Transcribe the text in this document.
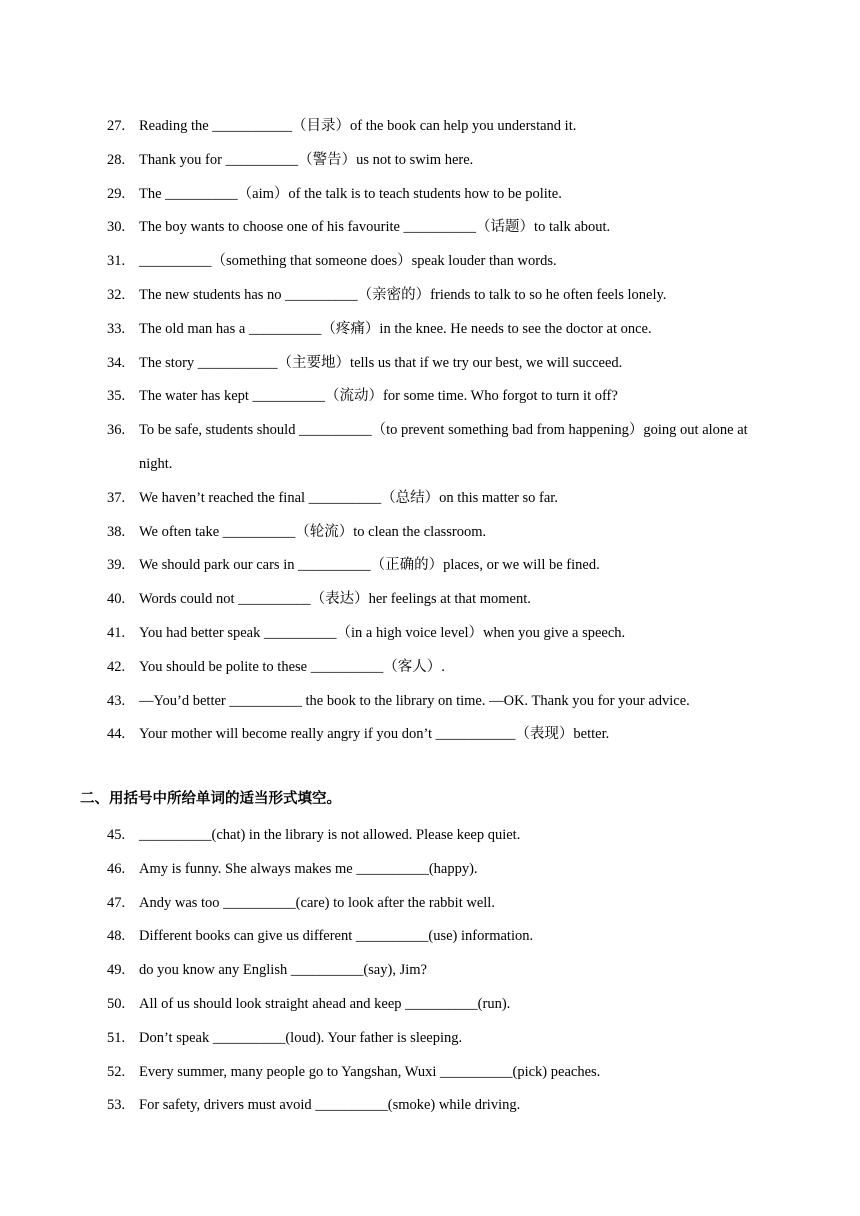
27. Reading the ___________（目录）of the book can help you understand it.
28. Thank you for __________（警告）us not to swim here.
29. The __________（aim）of the talk is to teach students how to be polite.
30. The boy wants to choose one of his favourite __________（话题）to talk about.
31. __________（something that someone does）speak louder than words.
32. The new students has no __________（亲密的）friends to talk to so he often feels lonely.
33. The old man has a __________（疼痛）in the knee. He needs to see the doctor at once.
34. The story ___________（主要地）tells us that if we try our best, we will succeed.
35. The water has kept __________（流动）for some time. Who forgot to turn it off?
36. To be safe, students should __________（to prevent something bad from happening）going out alone at night.
37. We haven’t reached the final __________（总结）on this matter so far.
38. We often take __________（轮流）to clean the classroom.
39. We should park our cars in __________（正确的）places, or we will be fined.
40. Words could not __________（表达）her feelings at that moment.
41. You had better speak __________（in a high voice level）when you give a speech.
42. You should be polite to these __________（客人）.
43. —You’d better __________ the book to the library on time. —OK. Thank you for your advice.
44. Your mother will become really angry if you don’t ___________（表现）better.
二、用括号中所给单词的适当形式填空。
45. __________(chat) in the library is not allowed. Please keep quiet.
46. Amy is funny. She always makes me __________(happy).
47. Andy was too __________(care) to look after the rabbit well.
48. Different books can give us different __________(use) information.
49. do you know any English __________(say), Jim?
50. All of us should look straight ahead and keep __________(run).
51. Don’t speak __________(loud). Your father is sleeping.
52. Every summer, many people go to Yangshan, Wuxi __________(pick) peaches.
53. For safety, drivers must avoid __________(smoke) while driving.
